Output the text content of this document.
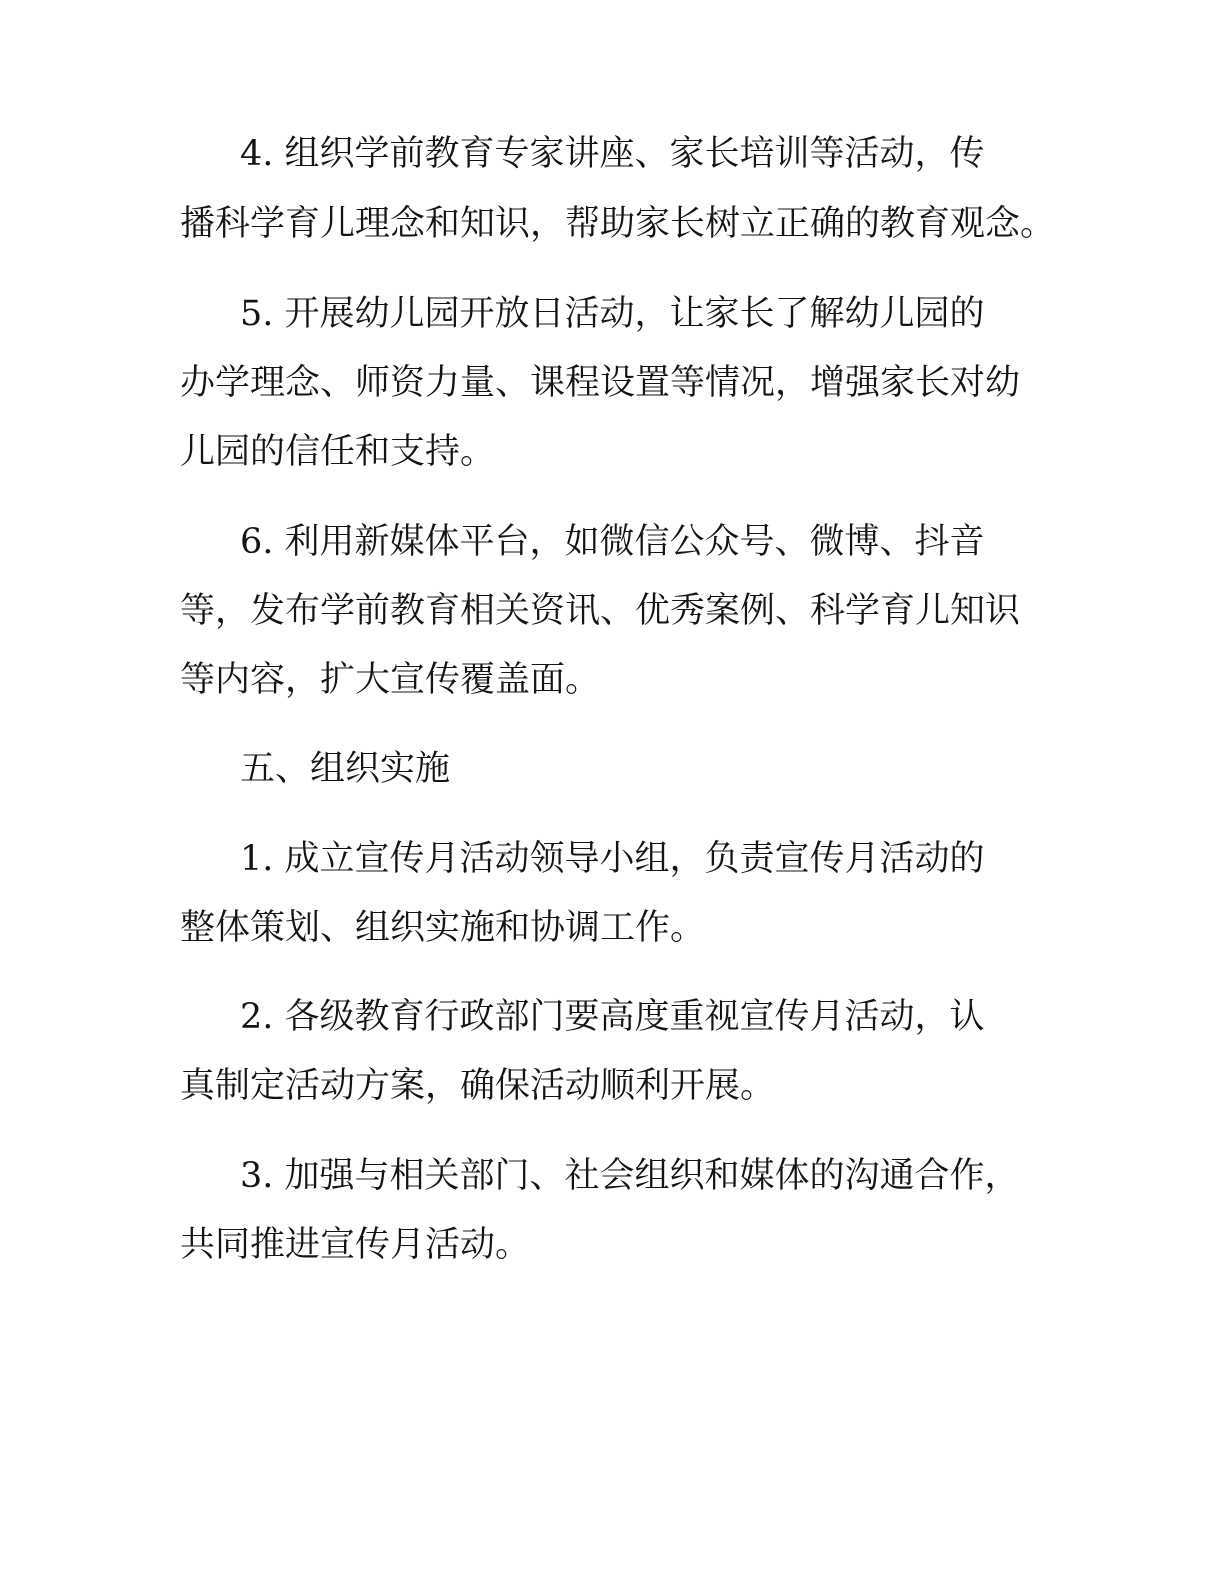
4. 组织学前教育专家讲座、家长培训等活动，传

播科学育儿理念和知识，帮助家长树立正确的教育观念。

5. 开展幼儿园开放日活动，让家长了解幼儿园的

办学理念、师资力量、课程设置等情况，增强家长对幼

儿园的信任和支持。

6. 利用新媒体平台，如微信公众号、微博、抖音

等，发布学前教育相关资讯、优秀案例、科学育儿知识

等内容，扩大宣传覆盖面。

五、组织实施

1. 成立宣传月活动领导小组，负责宣传月活动的

整体策划、组织实施和协调工作。

2. 各级教育行政部门要高度重视宣传月活动，认

真制定活动方案，确保活动顺利开展。

3. 加强与相关部门、社会组织和媒体的沟通合作，

共同推进宣传月活动。
